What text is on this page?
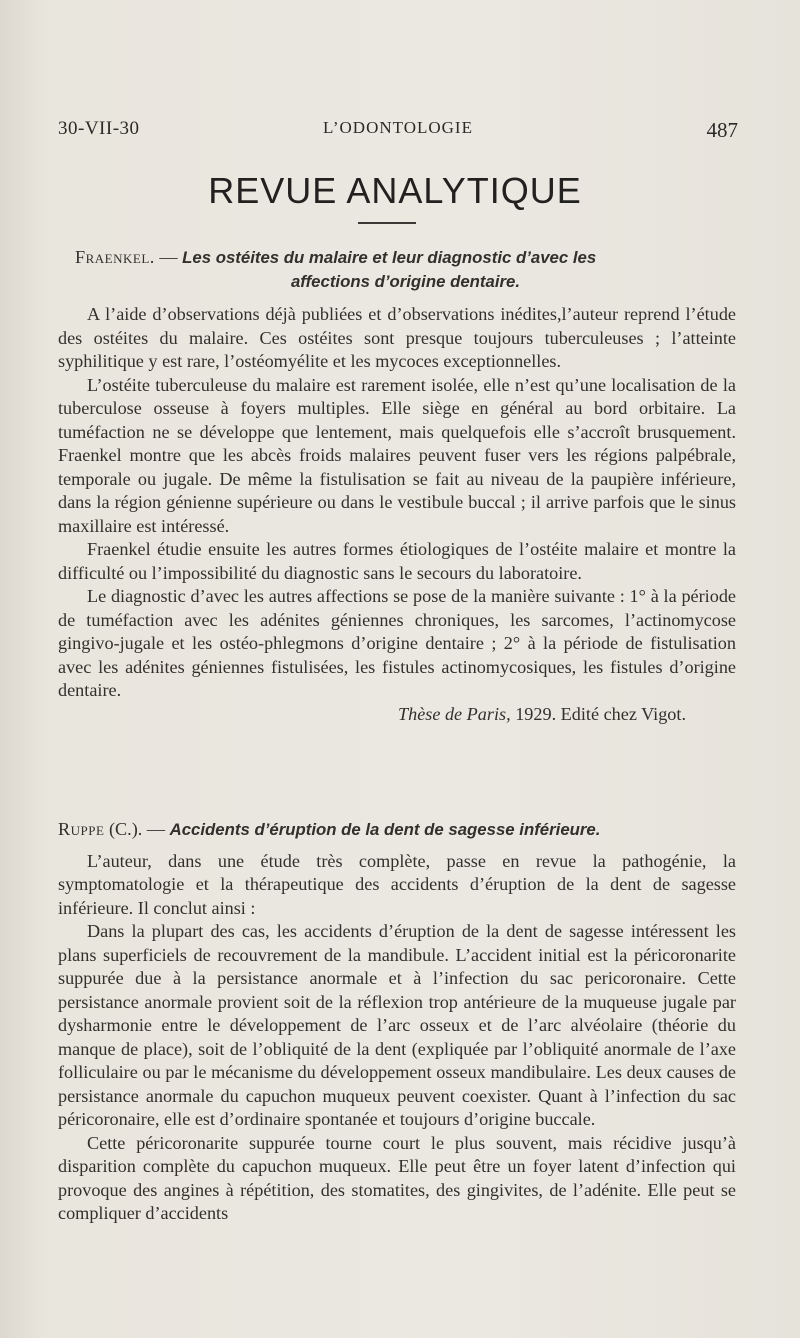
30-VII-30	L’ODONTOLOGIE	487
REVUE ANALYTIQUE

Fraenkel. — Les ostéites du malaire et leur diagnostic d’avec les
affections d’origine dentaire.

A l’aide d’observations déjà publiées et d’observations inédites,l’auteur reprend l’étude des ostéites du malaire. Ces ostéites sont presque toujours tuberculeuses ; l’atteinte syphilitique y est rare, l’ostéomyélite et les mycoces exceptionnelles.

L’ostéite tuberculeuse du malaire est rarement isolée, elle n’est qu’une localisation de la tuberculose osseuse à foyers multiples. Elle siège en général au bord orbitaire. La tuméfaction ne se développe que lentement, mais quelquefois elle s’accroît brusquement. Fraenkel montre que les abcès froids malaires peuvent fuser vers les régions palpébrale, temporale ou jugale. De même la fistulisation se fait au niveau de la paupière inférieure, dans la région génienne supérieure ou dans le vestibule buccal ; il arrive parfois que le sinus maxillaire est intéressé.

Fraenkel étudie ensuite les autres formes étiologiques de l’ostéite malaire et montre la difficulté ou l’impossibilité du diagnostic sans le secours du laboratoire.

Le diagnostic d’avec les autres affections se pose de la manière suivante : 1° à la période de tuméfaction avec les adénites géniennes chroniques, les sarcomes, l’actinomycose gingivo-jugale et les ostéo-phlegmons d’origine dentaire ; 2° à la période de fistulisation avec les adénites géniennes fistulisées, les fistules actinomycosiques, les fistules d’origine dentaire.

Thèse de Paris, 1929. Edité chez Vigot.

Ruppe (C.). — Accidents d’éruption de la dent de sagesse inférieure.

L’auteur, dans une étude très complète, passe en revue la pathogénie, la symptomatologie et la thérapeutique des accidents d’éruption de la dent de sagesse inférieure. Il conclut ainsi :

Dans la plupart des cas, les accidents d’éruption de la dent de sagesse intéressent les plans superficiels de recouvrement de la mandibule. L’accident initial est la péricoronarite suppurée due à la persistance anormale et à l’infection du sac pericoronaire. Cette persistance anormale provient soit de la réflexion trop antérieure de la muqueuse jugale par dysharmonie entre le développement de l’arc osseux et de l’arc alvéolaire (théorie du manque de place), soit de l’obliquité de la dent (expliquée par l’obliquité anormale de l’axe folliculaire ou par le mécanisme du développement osseux mandibulaire. Les deux causes de persistance anormale du capuchon muqueux peuvent coexister. Quant à l’infection du sac péricoronaire, elle est d’ordinaire spontanée et toujours d’origine buccale.

Cette péricoronarite suppurée tourne court le plus souvent, mais récidive jusqu’à disparition complète du capuchon muqueux. Elle peut être un foyer latent d’infection qui provoque des angines à répétition, des stomatites, des gingivites, de l’adénite. Elle peut se compliquer d’accidents
